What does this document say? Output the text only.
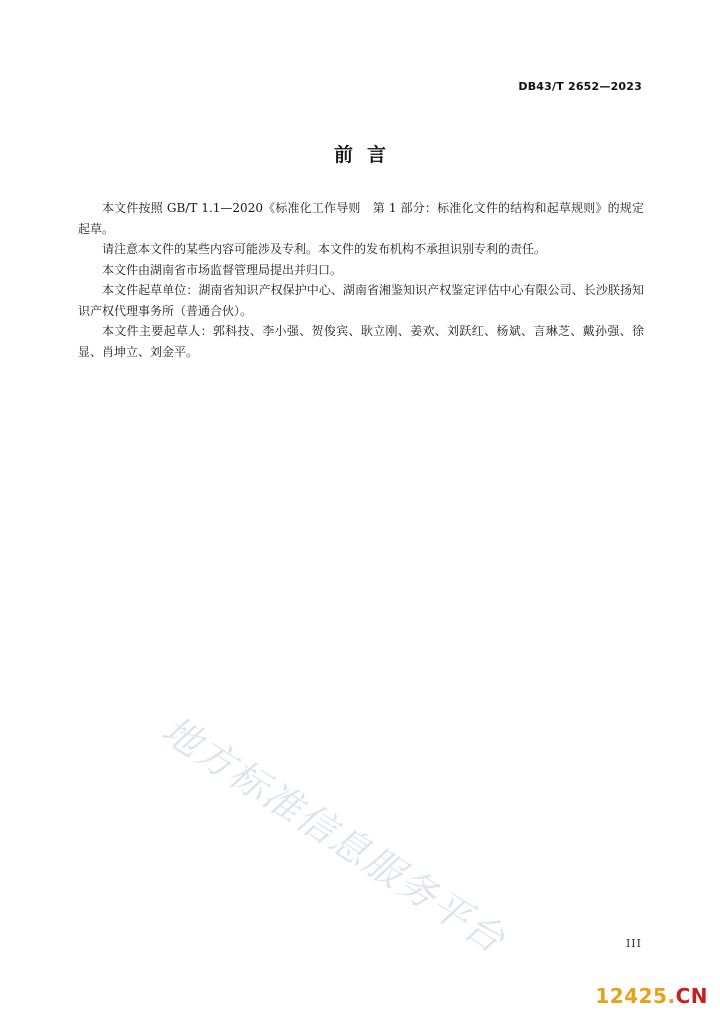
DB43/T 2652—2023
前言

本文件按照 GB/T 1.1—2020《标准化工作导则　第 1 部分：标准化文件的结构和起草规则》的规定起草。

请注意本文件的某些内容可能涉及专利。本文件的发布机构不承担识别专利的责任。

本文件由湖南省市场监督管理局提出并归口。

本文件起草单位：湖南省知识产权保护中心、湖南省湘鉴知识产权鉴定评估中心有限公司、长沙朕扬知识产权代理事务所（普通合伙）。

本文件主要起草人：郭科技、李小强、贺俊宾、耿立刚、姜欢、刘跃红、杨斌、言琳芝、戴孙强、徐显、肖坤立、刘金平。

地方标准信息服务平台	III
12425.CN
